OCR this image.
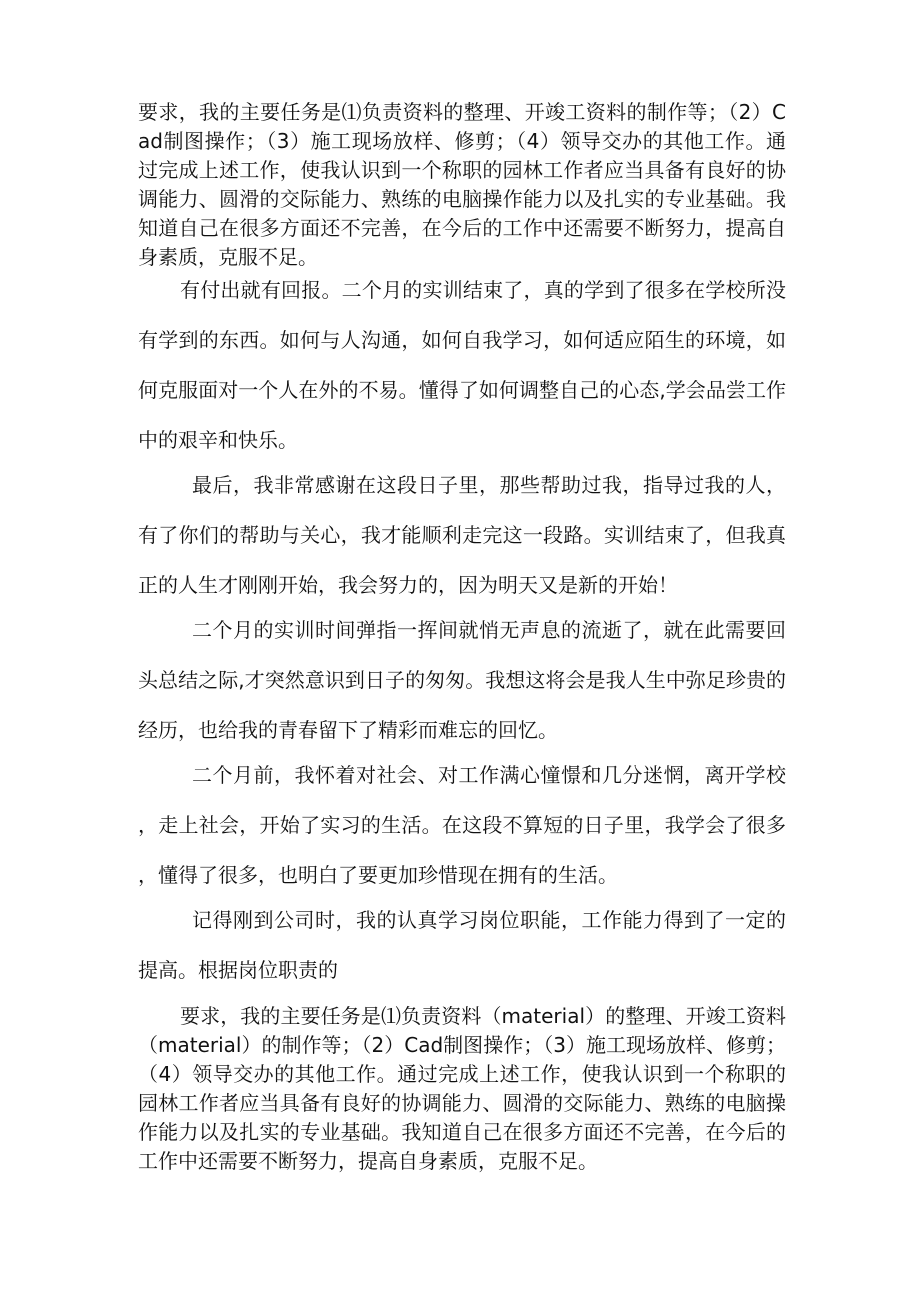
要求，我的主要任务是⑴负责资料的整理、开竣工资料的制作等；（2）Cad制图操作；（3）施工现场放样、修剪；（4）领导交办的其他工作。通过完成上述工作，使我认识到一个称职的园林工作者应当具备有良好的协调能力、圆滑的交际能力、熟练的电脑操作能力以及扎实的专业基础。我知道自己在很多方面还不完善，在今后的工作中还需要不断努力，提高自身素质，克服不足。

有付出就有回报。二个月的实训结束了，真的学到了很多在学校所没有学到的东西。如何与人沟通，如何自我学习，如何适应陌生的环境，如何克服面对一个人在外的不易。懂得了如何调整自己的心态,学会品尝工作中的艰辛和快乐。

最后，我非常感谢在这段日子里，那些帮助过我，指导过我的人，有了你们的帮助与关心，我才能顺利走完这一段路。实训结束了，但我真正的人生才刚刚开始，我会努力的，因为明天又是新的开始！

二个月的实训时间弹指一挥间就悄无声息的流逝了，就在此需要回头总结之际,才突然意识到日子的匆匆。我想这将会是我人生中弥足珍贵的经历，也给我的青春留下了精彩而难忘的回忆。

二个月前，我怀着对社会、对工作满心憧憬和几分迷惘，离开学校，走上社会，开始了实习的生活。在这段不算短的日子里，我学会了很多，懂得了很多，也明白了要更加珍惜现在拥有的生活。

记得刚到公司时，我的认真学习岗位职能，工作能力得到了一定的提高。根据岗位职责的

要求，我的主要任务是⑴负责资料（material）的整理、开竣工资料（material）的制作等；（2）Cad制图操作；（3）施工现场放样、修剪；（4）领导交办的其他工作。通过完成上述工作，使我认识到一个称职的园林工作者应当具备有良好的协调能力、圆滑的交际能力、熟练的电脑操作能力以及扎实的专业基础。我知道自己在很多方面还不完善，在今后的工作中还需要不断努力，提高自身素质，克服不足。
